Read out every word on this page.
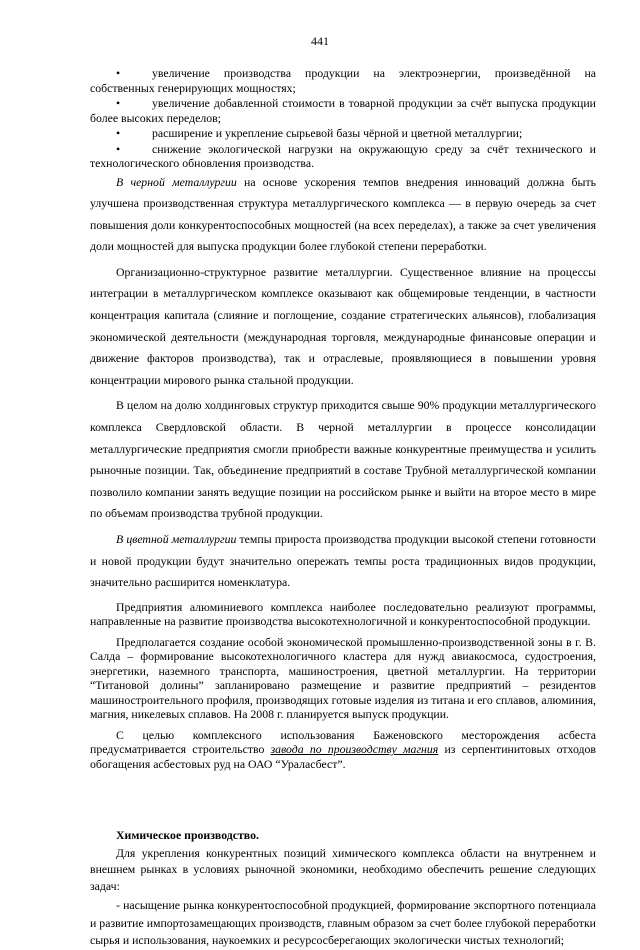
441

•	увеличение производства продукции на электроэнергии, произведённой на собственных генерирующих мощностях;

•	увеличение добавленной стоимости в товарной продукции за счёт выпуска продукции более высоких переделов;

•	расширение и укрепление сырьевой базы чёрной и цветной металлургии;

•	снижение экологической нагрузки на окружающую среду за счёт технического и технологического обновления производства.

В черной металлургии на основе ускорения темпов внедрения инноваций должна быть улучшена производственная структура металлургического комплекса — в первую очередь за счет повышения доли конкурентоспособных мощностей (на всех переделах), а также за счет увеличения доли мощностей для выпуска продукции более глубокой степени переработки.

Организационно-структурное развитие металлургии. Существенное влияние на процессы интеграции в металлургическом комплексе оказывают как общемировые тенденции, в частности концентрация капитала (слияние и поглощение, создание стратегических альянсов), глобализация экономической деятельности (международная торговля, международные финансовые операции и движение факторов производства), так и отраслевые, проявляющиеся в повышении уровня концентрации мирового рынка стальной продукции.

В целом на долю холдинговых структур приходится свыше 90% продукции металлургического комплекса Свердловской области. В черной металлургии в процессе консолидации металлургические предприятия смогли приобрести важные конкурентные преимущества и усилить рыночные позиции. Так, объединение предприятий в составе Трубной металлургической компании позволило компании занять ведущие позиции на российском рынке и выйти на второе место в мире по объемам производства трубной продукции.

В цветной металлургии темпы прироста производства продукции высокой степени готовности и новой продукции будут значительно опережать темпы роста традиционных видов продукции, значительно расширится номенклатура.

Предприятия алюминиевого комплекса наиболее последовательно реализуют программы, направленные на развитие производства высокотехнологичной и конкурентоспособной продукции.

Предполагается создание особой экономической промышленно-производственной зоны в г. В. Салда – формирование высокотехнологичного кластера для нужд авиакосмоса, судостроения, энергетики, наземного транспорта, машиностроения, цветной металлургии. На территории “Титановой долины” запланировано размещение и развитие предприятий – резидентов машиностроительного профиля, производящих готовые изделия из титана и его сплавов, алюминия, магния, никелевых сплавов. На 2008 г. планируется выпуск продукции.

С целью комплексного использования Баженовского месторождения асбеста предусматривается строительство завода по производству магния из серпентинитовых отходов обогащения асбестовых руд на ОАО “Ураласбест”.

Химическое производство.

Для укрепления конкурентных позиций химического комплекса области на внутреннем и внешнем рынках в условиях рыночной экономики, необходимо обеспечить решение следующих задач:

- насыщение рынка конкурентоспособной продукцией, формирование экспортного потенциала и развитие импортозамещающих производств, главным образом за счет более глубокой переработки сырья и использования, наукоемких и ресурсосберегающих экологически чистых технологий;
